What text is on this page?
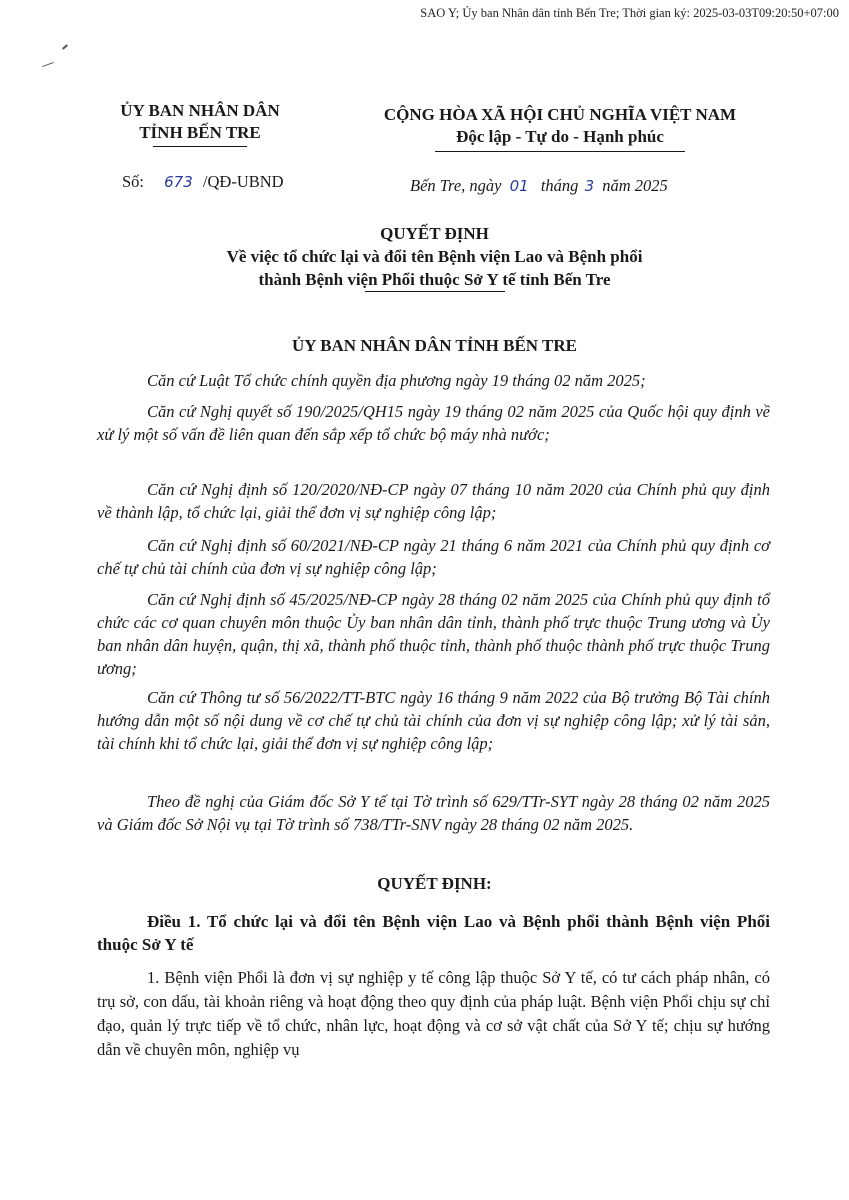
SAO Y; Ủy ban Nhân dân tỉnh Bến Tre; Thời gian ký: 2025-03-03T09:20:50+07:00
ỦY BAN NHÂN DÂN
TỈNH BẾN TRE
CỘNG HÒA XÃ HỘI CHỦ NGHĨA VIỆT NAM
Độc lập - Tự do - Hạnh phúc
Số: 673 /QĐ-UBND	Bến Tre, ngày 01 tháng 3 năm 2025
QUYẾT ĐỊNH
Về việc tổ chức lại và đổi tên Bệnh viện Lao và Bệnh phổi
thành Bệnh viện Phổi thuộc Sở Y tế tỉnh Bến Tre
ỦY BAN NHÂN DÂN TỈNH BẾN TRE

Căn cứ Luật Tổ chức chính quyền địa phương ngày 19 tháng 02 năm 2025;

Căn cứ Nghị quyết số 190/2025/QH15 ngày 19 tháng 02 năm 2025 của Quốc hội quy định về xử lý một số vấn đề liên quan đến sắp xếp tổ chức bộ máy nhà nước;

Căn cứ Nghị định số 120/2020/NĐ-CP ngày 07 tháng 10 năm 2020 của Chính phủ quy định về thành lập, tổ chức lại, giải thể đơn vị sự nghiệp công lập;

Căn cứ Nghị định số 60/2021/NĐ-CP ngày 21 tháng 6 năm 2021 của Chính phủ quy định cơ chế tự chủ tài chính của đơn vị sự nghiệp công lập;

Căn cứ Nghị định số 45/2025/NĐ-CP ngày 28 tháng 02 năm 2025 của Chính phủ quy định tổ chức các cơ quan chuyên môn thuộc Ủy ban nhân dân tỉnh, thành phố trực thuộc Trung ương và Ủy ban nhân dân huyện, quận, thị xã, thành phố thuộc tỉnh, thành phố thuộc thành phố trực thuộc Trung ương;

Căn cứ Thông tư số 56/2022/TT-BTC ngày 16 tháng 9 năm 2022 của Bộ trưởng Bộ Tài chính hướng dẫn một số nội dung về cơ chế tự chủ tài chính của đơn vị sự nghiệp công lập; xử lý tài sản, tài chính khi tổ chức lại, giải thể đơn vị sự nghiệp công lập;

Theo đề nghị của Giám đốc Sở Y tế tại Tờ trình số 629/TTr-SYT ngày 28 tháng 02 năm 2025 và Giám đốc Sở Nội vụ tại Tờ trình số 738/TTr-SNV ngày 28 tháng 02 năm 2025.

QUYẾT ĐỊNH:

Điều 1. Tổ chức lại và đổi tên Bệnh viện Lao và Bệnh phổi thành Bệnh viện Phổi thuộc Sở Y tế

1. Bệnh viện Phổi là đơn vị sự nghiệp y tế công lập thuộc Sở Y tế, có tư cách pháp nhân, có trụ sở, con dấu, tài khoản riêng và hoạt động theo quy định của pháp luật. Bệnh viện Phổi chịu sự chỉ đạo, quản lý trực tiếp về tổ chức, nhân lực, hoạt động và cơ sở vật chất của Sở Y tế; chịu sự hướng dẫn về chuyên môn, nghiệp vụ
